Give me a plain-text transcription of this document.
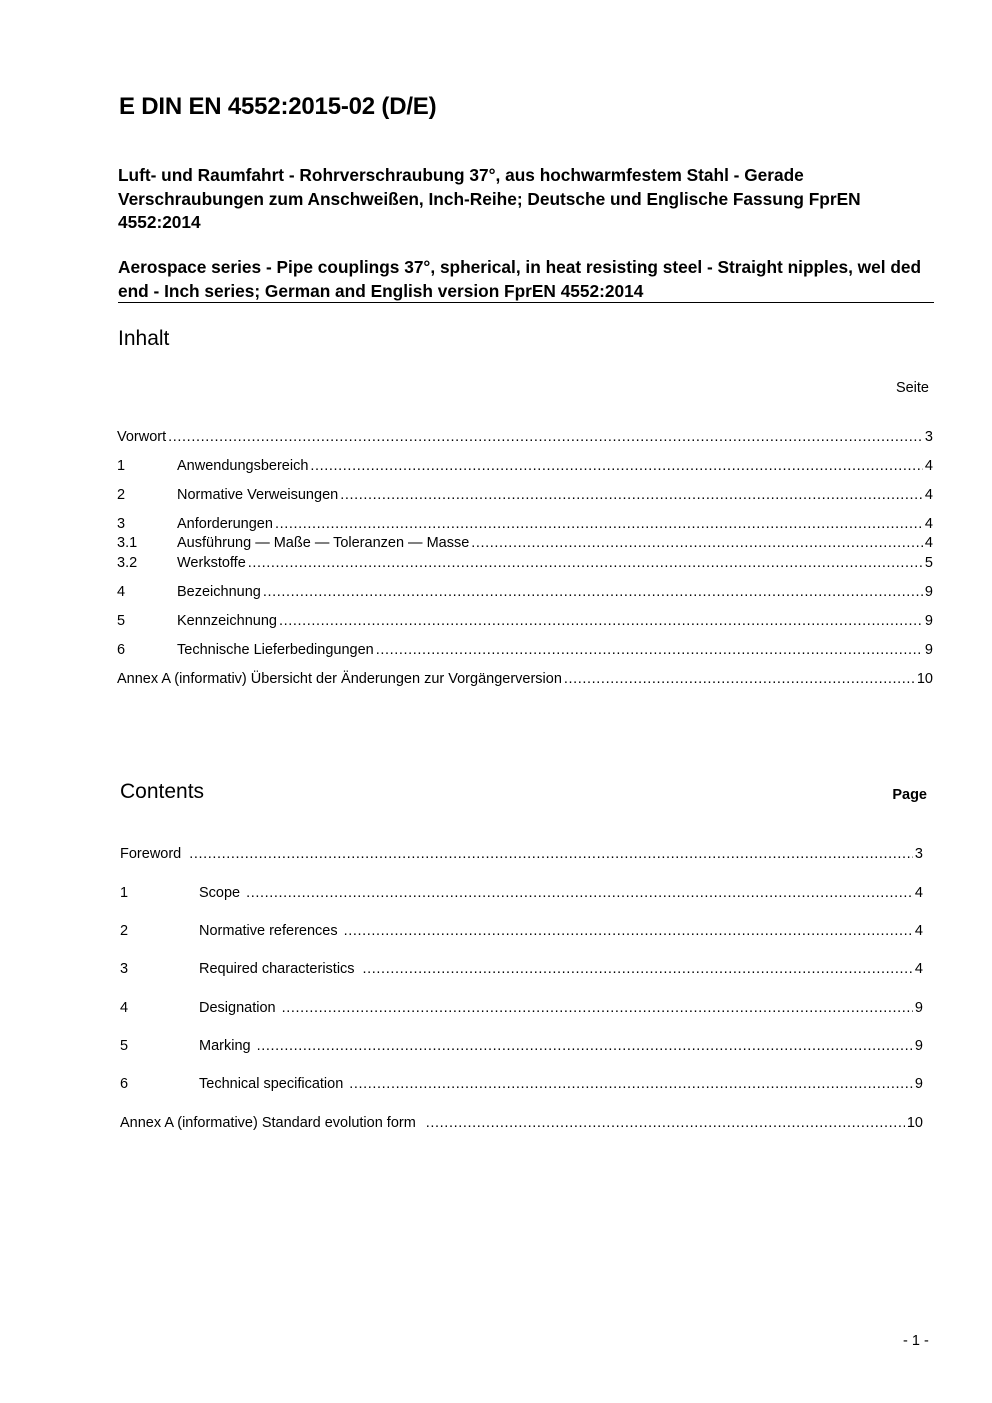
E DIN EN 4552:2015-02 (D/E)
Luft- und Raumfahrt - Rohrverschraubung 37°, aus hochwarmfestem Stahl - Gerade Verschraubungen zum Anschweißen, Inch-Reihe; Deutsche und Englische Fassung FprEN 4552:2014
Aerospace series - Pipe couplings 37°, spherical, in heat resisting steel - Straight nipples, wel ded end - Inch series; German and English version FprEN 4552:2014
Inhalt
Seite
Vorwort .....	3
1	Anwendungsbereich .....	4
2	Normative Verweisungen .....	4
3	Anforderungen .....	4
3.1	Ausführung — Maße — Toleranzen — Masse .....	4
3.2	Werkstoffe .....	5
4	Bezeichnung .....	9
5	Kennzeichnung .....	9
6	Technische Lieferbedingungen .....	9
Annex A (informativ) Übersicht der Änderungen zur Vorgängerversion .....	10
Contents	Page
Foreword .....	3
1	Scope .....	4
2	Normative references .....	4
3	Required characteristics .....	4
4	Designation .....	9
5	Marking .....	9
6	Technical specification .....	9
Annex A (informative) Standard evolution form .....	10
- 1 -
